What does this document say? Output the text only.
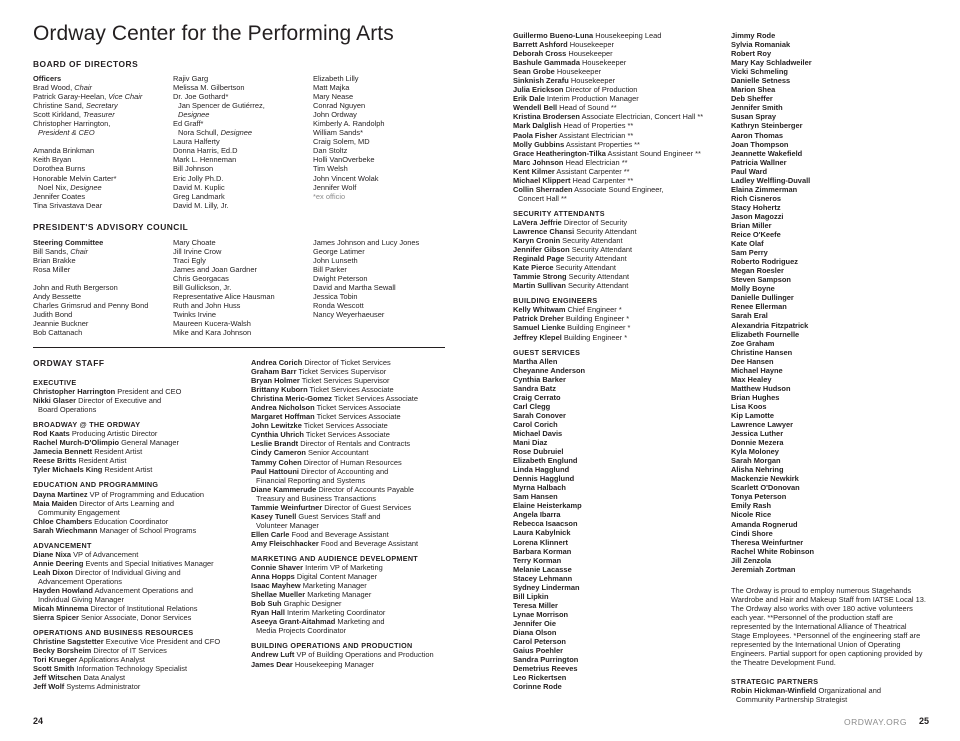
Ordway Center for the Performing Arts
BOARD OF DIRECTORS
Officers
Brad Wood, Chair
Patrick Garay-Heelan, Vice Chair
Christine Sand, Secretary
Scott Kirkland, Treasurer
Christopher Harrington,
President & CEO
Amanda Brinkman
Keith Bryan
Dorothea Burns
Honorable Melvin Carter*
Noel Nix, Designee
Jennifer Coates
Tina Srivastava Dear
Rajiv Garg
Melissa M. Gilbertson
Dr. Joe Gothard*
Jan Spencer de Gutiérrez,
Designee
Ed Graff*
Nora Schull, Designee
Laura Halferty
Donna Harris, Ed.D
Mark L. Henneman
Bill Johnson
Eric Jolly Ph.D.
David M. Kuplic
Greg Landmark
David M. Lilly, Jr.
Elizabeth Lilly
Matt Majka
Mary Nease
Conrad Nguyen
John Ordway
Kimberly A. Randolph
William Sands*
Craig Solem, MD
Dan Stoltz
Holli VanOverbeke
Tim Welsh
John Vincent Wolak
Jennifer Wolf
*ex officio
PRESIDENT'S ADVISORY COUNCIL
Steering Committee
Bill Sands, Chair
Brian Brakke
Rosa Miller
John and Ruth Bergerson
Andy Bessette
Charles Grimsrud and Penny Bond
Judith Bond
Jeannie Buckner
Bob Cattanach
Mary Choate
Jill Irvine Crow
Traci Egly
James and Joan Gardner
Chris Georgacas
Bill Gullickson, Jr.
Representative Alice Hausman
Ruth and John Huss
Twinks Irvine
Maureen Kucera-Walsh
Mike and Kara Johnson
James Johnson and Lucy Jones
George Latimer
John Lunseth
Bill Parker
Dwight Peterson
David and Martha Sewall
Jessica Tobin
Ronda Wescott
Nancy Weyerhaeuser
ORDWAY STAFF
EXECUTIVE
Christopher Harrington President and CEO
Nikki Glaser Director of Executive and
Board Operations
BROADWAY @ THE ORDWAY
Rod Kaats Producing Artistic Director
Rachel Murch-D'Olimpio General Manager
Jamecia Bennett Resident Artist
Reese Britts Resident Artist
Tyler Michaels King Resident Artist
EDUCATION AND PROGRAMMING
Dayna Martinez VP of Programming and Education
Maia Maiden Director of Arts Learning and
Community Engagement
Chloe Chambers Education Coordinator
Sarah Wiechmann Manager of School Programs
ADVANCEMENT
Diane Nixa VP of Advancement
Annie Deering Events and Special Initiatives Manager
Leah Dixon Director of Individual Giving and
Advancement Operations
Hayden Howland Advancement Operations and
Individual Giving Manager
Micah Minnema Director of Institutional Relations
Sierra Spicer Senior Associate, Donor Services
OPERATIONS AND BUSINESS RESOURCES
Christine Sagstetter Executive Vice President and CFO
Becky Borsheim Director of IT Services
Tori Krueger Applications Analyst
Scott Smith Information Technology Specialist
Jeff Witschen Data Analyst
Jeff Wolf Systems Administrator
Andrea Corich Director of Ticket Services
Graham Barr Ticket Services Supervisor
Bryan Holmer Ticket Services Supervisor
Brittany Kuborn Ticket Services Associate
Christina Meric-Gomez Ticket Services Associate
Andrea Nicholson Ticket Services Associate
Margaret Hoffman Ticket Services Associate
John Lewitzke Ticket Services Associate
Cynthia Uhrich Ticket Services Associate
Leslie Brandt Director of Rentals and Contracts
Cindy Cameron Senior Accountant
Tammy Cohen Director of Human Resources
Paul Hattouni Director of Accounting and
Financial Reporting and Systems
Diane Kammerude Director of Accounts Payable
Treasury and Business Transactions
Tammie Weinfurtner Director of Guest Services
Kasey Tunell Guest Services Staff and
Volunteer Manager
Ellen Carle Food and Beverage Assistant
Amy Fleischhacker Food and Beverage Assistant
MARKETING AND AUDIENCE DEVELOPMENT
Connie Shaver Interim VP of Marketing
Anna Hopps Digital Content Manager
Isaac Mayhew Marketing Manager
Shellae Mueller Marketing Manager
Bob Suh Graphic Designer
Ryan Hall Interim Marketing Coordinator
Aseeya Grant-Aitahmad Marketing and
Media Projects Coordinator
BUILDING OPERATIONS AND PRODUCTION
Andrew Luft VP of Building Operations and Production
James Dear Housekeeping Manager
Guillermo Bueno-Luna Housekeeping Lead
Barrett Ashford Housekeeper
Deborah Cross Housekeeper
Bashule Gammada Housekeeper
Sean Grobe Housekeeper
Sinknish Zerafu Housekeeper
Julia Erickson Director of Production
Erik Dale Interim Production Manager
Wendell Bell Head of Sound **
Kristina Brodersen Associate Electrician, Concert Hall **
Mark Dalglish Head of Properties **
Paola Fisher Assistant Electrician **
Molly Gubbins Assistant Properties **
Grace Heatherington-Tilka Assistant Sound Engineer **
Marc Johnson Head Electrician **
Kent Kilmer Assistant Carpenter **
Michael Klippert Head Carpenter **
Collin Sherraden Associate Sound Engineer,
Concert Hall **
SECURITY ATTENDANTS
LaVera Jeffrie Director of Security
Lawrence Chansi Security Attendant
Karyn Cronin Security Attendant
Jennifer Gibson Security Attendant
Reginald Page Security Attendant
Kate Pierce Security Attendant
Tammie Strong Security Attendant
Martin Sullivan Security Attendant
BUILDING ENGINEERS
Kelly Whitwam Chief Engineer *
Patrick Dreher Building Engineer *
Samuel Lienke Building Engineer *
Jeffrey Klepel Building Engineer *
GUEST SERVICES
Martha Allen
Cheyanne Anderson
Cynthia Barker
Sandra Batz
Craig Cerrato
Carl Clegg
Sarah Conover
Carol Corich
Michael Davis
Mani Diaz
Rose Dubruiel
Elizabeth Englund
Linda Hagglund
Dennis Hagglund
Myrna Halbach
Sam Hansen
Elaine Heisterkamp
Angela Ibarra
Rebecca Isaacson
Laura Kabylnick
Lorena Klinnert
Barbara Korman
Terry Korman
Melanie Lacasse
Stacey Lehmann
Sydney Linderman
Bill Lipkin
Teresa Miller
Lynae Morrison
Jennifer Oie
Diana Olson
Carol Peterson
Gaius Poehler
Sandra Purrington
Demetrius Reeves
Leo Rickertsen
Corinne Rode
Jimmy Rode
Sylvia Romaniak
Robert Roy
Mary Kay Schladweiler
Vicki Schmeling
Danielle Setness
Marion Shea
Deb Sheffer
Jennifer Smith
Susan Spray
Kathryn Steinberger
Aaron Thomas
Joan Thompson
Jeannette Wakefield
Patricia Wallner
Paul Ward
Ladley Welfling-Duvall
Elaina Zimmerman
Rich Cisneros
Stacy Hohertz
Jason Magozzi
Brian Miller
Reice O'Keefe
Kate Olaf
Sam Perry
Roberto Rodriguez
Megan Roesler
Steven Sampson
Molly Boyne
Danielle Dullinger
Renee Ellerman
Sarah Eral
Alexandria Fitzpatrick
Elizabeth Fournelle
Zoe Graham
Christine Hansen
Dee Hansen
Michael Hayne
Max Healey
Matthew Hudson
Brian Hughes
Lisa Koos
Kip Lamotte
Lawrence Lawyer
Jessica Luther
Donnie Mezera
Kyla Moloney
Sarah Morgan
Alisha Nehring
Mackenzie Newkirk
Scarlett O'Donovan
Tonya Peterson
Emily Rash
Nicole Rice
Amanda Rognerud
Cindi Shore
Theresa Weinfurtner
Rachel White Robinson
Jill Zenzola
Jeremiah Zortman
The Ordway is proud to employ numerous Stagehands Wardrobe and Hair and Makeup Staff from IATSE Local 13. The Ordway also works with over 180 active volunteers each year. **Personnel of the production staff are represented by the International Alliance of Theatrical Stage Employees. *Personnel of the engineering staff are represented by the International Union of Operating Engineers. Partial support for open captioning provided by the Theatre Development Fund.
STRATEGIC PARTNERS
Robin Hickman-Winfield Organizational and
Community Partnership Strategist
24	ORDWAY.ORG 25
